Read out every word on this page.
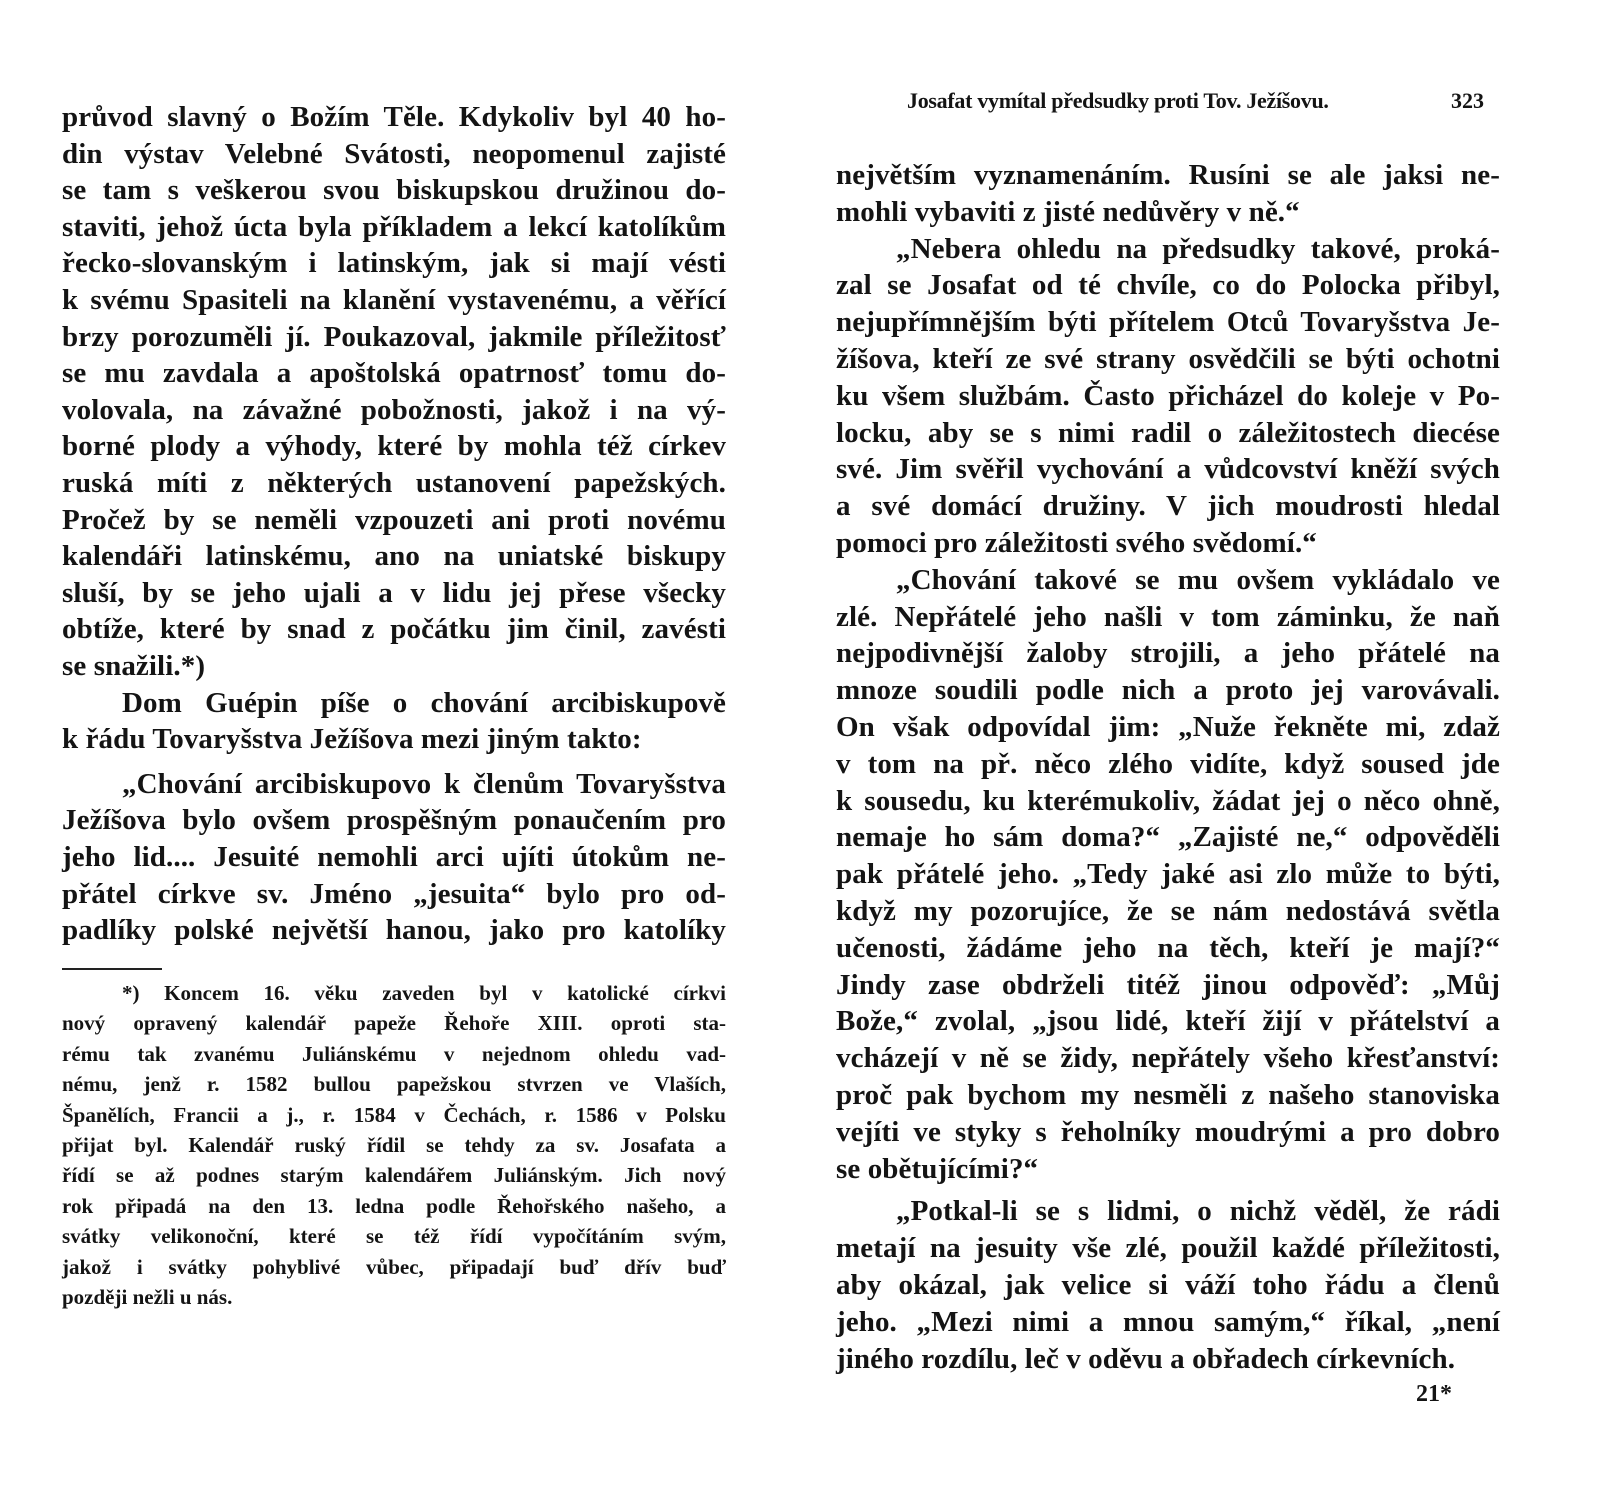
průvod slavný o Božím Těle. Kdykoliv byl 40 ho-
din výstav Velebné Svátosti, neopomenul zajisté
se tam s veškerou svou biskupskou družinou do-
staviti, jehož úcta byla příkladem a lekcí katolíkům
řecko-slovanským i latinským, jak si mají vésti
k svému Spasiteli na klanění vystavenému, a věřící
brzy porozuměli jí. Poukazoval, jakmile příležitosť
se mu zavdala a apoštolská opatrnosť tomu do-
volovala, na závažné pobožnosti, jakož i na vý-
borné plody a výhody, které by mohla též církev
ruská míti z některých ustanovení papežských.
Pročež by se neměli vzpouzeti ani proti novému
kalendáři latinskému, ano na uniatské biskupy
sluší, by se jeho ujali a v lidu jej přese všecky
obtíže, které by snad z počátku jim činil, zavésti
se snažili.*)
Dom Guépin píše o chování arcibiskupově
k řádu Tovaryšstva Ježíšova mezi jiným takto:
„Chování arcibiskupovo k členům Tovaryšstva
Ježíšova bylo ovšem prospěšným ponaučením pro
jeho lid.... Jesuité nemohli arci ujíti útokům ne-
přátel církve sv. Jméno „jesuita“ bylo pro od-
padlíky polské největší hanou, jako pro katolíky
*) Koncem 16. věku zaveden byl v katolické církvi
nový opravený kalendář papeže Řehoře XIII. oproti sta-
rému tak zvanému Juliánskému v nejednom ohledu vad-
nému, jenž r. 1582 bullou papežskou stvrzen ve Vlaších,
Španělích, Francii a j., r. 1584 v Čechách, r. 1586 v Polsku
přijat byl. Kalendář ruský řídil se tehdy za sv. Josafata a
řídí se až podnes starým kalendářem Juliánským. Jich nový
rok připadá na den 13. ledna podle Řehořského našeho, a
svátky velikonoční, které se též řídí vypočítáním svým,
jakož i svátky pohyblivé vůbec, připadají buď dřív buď
později nežli u nás.
Josafat vymítal předsudky proti Tov. Ježíšovu.	323
největším vyznamenáním. Rusíni se ale jaksi ne-
mohli vybaviti z jisté nedůvěry v ně.“
„Nebera ohledu na předsudky takové, proká-
zal se Josafat od té chvíle, co do Polocka přibyl,
nejupřímnějším býti přítelem Otců Tovaryšstva Je-
žíšova, kteří ze své strany osvědčili se býti ochotni
ku všem službám. Často přicházel do koleje v Po-
locku, aby se s nimi radil o záležitostech diecése
své. Jim svěřil vychování a vůdcovství kněží svých
a své domácí družiny. V jich moudrosti hledal
pomoci pro záležitosti svého svědomí.“
„Chování takové se mu ovšem vykládalo ve
zlé. Nepřátelé jeho našli v tom záminku, že naň
nejpodivnější žaloby strojili, a jeho přátelé na
mnoze soudili podle nich a proto jej varovávali.
On však odpovídal jim: „Nuže řekněte mi, zdaž
v tom na př. něco zlého vidíte, když soused jde
k sousedu, ku kterémukoliv, žádat jej o něco ohně,
nemaje ho sám doma?“ „Zajisté ne,“ odpověděli
pak přátelé jeho. „Tedy jaké asi zlo může to býti,
když my pozorujíce, že se nám nedostává světla
učenosti, žádáme jeho na těch, kteří je mají?“
Jindy zase obdrželi titéž jinou odpověď: „Můj
Bože,“ zvolal, „jsou lidé, kteří žijí v přátelství a
vcházejí v ně se židy, nepřátely všeho křesťanství:
proč pak bychom my nesměli z našeho stanoviska
vejíti ve styky s řeholníky moudrými a pro dobro
se obětujícími?“
„Potkal-li se s lidmi, o nichž věděl, že rádi
metají na jesuity vše zlé, použil každé příležitosti,
aby okázal, jak velice si váží toho řádu a členů
jeho. „Mezi nimi a mnou samým,“ říkal, „není
jiného rozdílu, leč v oděvu a obřadech církevních.
21*
